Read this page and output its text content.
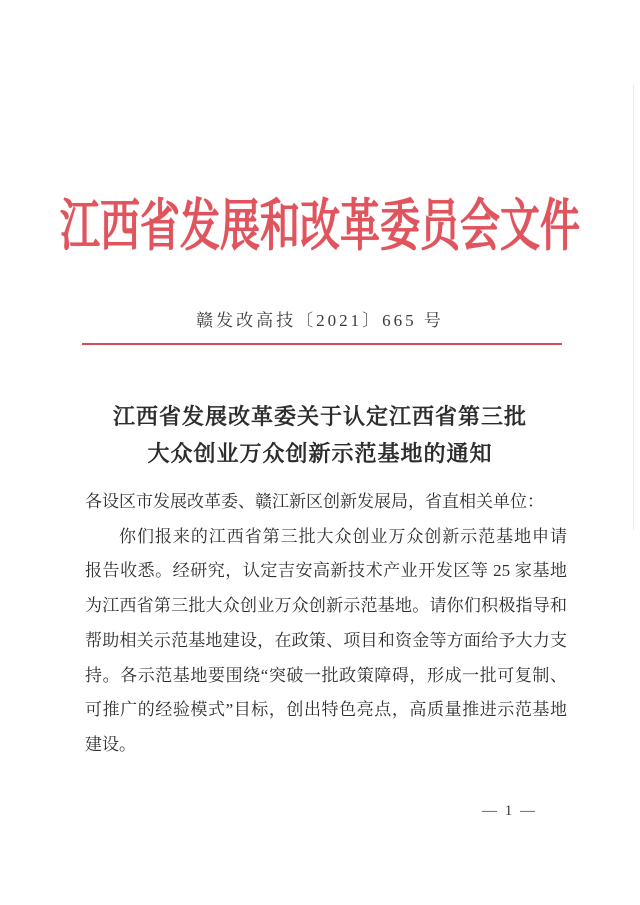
江西省发展和改革委员会文件
赣发改高技〔2021〕665 号
江西省发展改革委关于认定江西省第三批
大众创业万众创新示范基地的通知
各设区市发展改革委、赣江新区创新发展局，省直相关单位：
你们报来的江西省第三批大众创业万众创新示范基地申请
报告收悉。经研究，认定吉安高新技术产业开发区等 25 家基地
为江西省第三批大众创业万众创新示范基地。请你们积极指导和
帮助相关示范基地建设，在政策、项目和资金等方面给予大力支
持。各示范基地要围绕“突破一批政策障碍，形成一批可复制、
可推广的经验模式”目标，创出特色亮点，高质量推进示范基地
建设。
— 1 —
